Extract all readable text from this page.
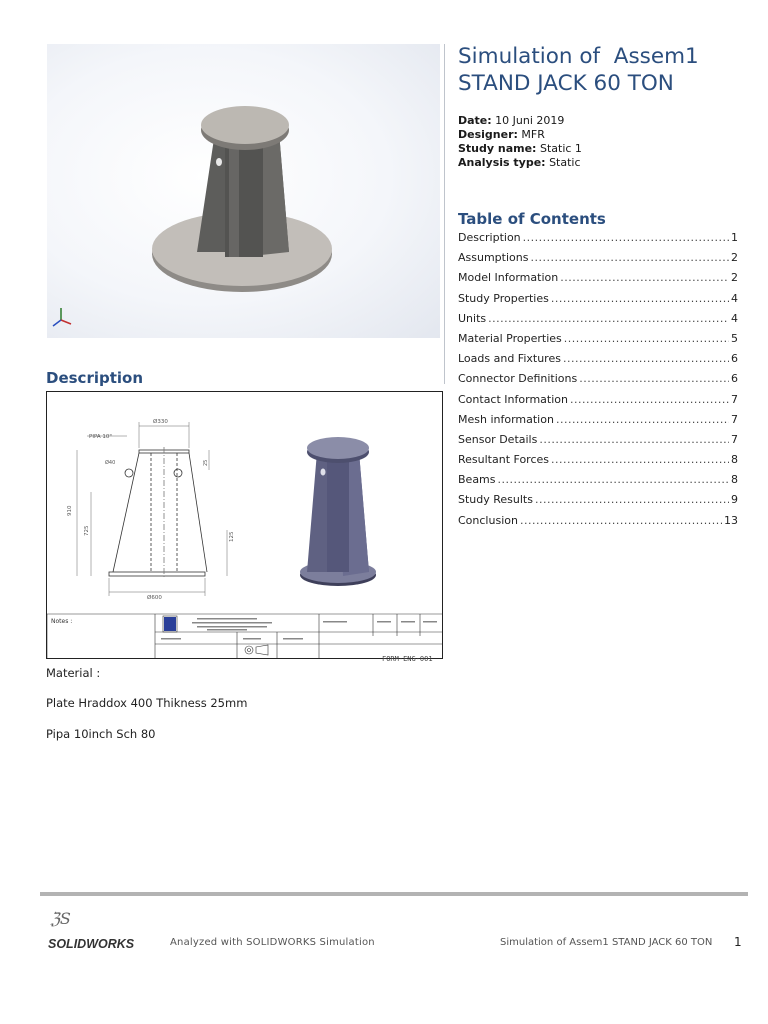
Simulation of  Assem1
STAND JACK 60 TON
Date: 10 Juni 2019
Designer: MFR
Study name: Static 1
Analysis type: Static
Table of Contents
Description .....	1
Assumptions .....	2
Model Information .....	2
Study Properties .....	4
Units .....	4
Material Properties .....	5
Loads and Fixtures .....	6
Connector Definitions .....	6
Contact Information .....	7
Mesh information .....	7
Sensor Details .....	7
Resultant Forces .....	8
Beams .....	8
Study Results .....	9
Conclusion .....	13
Description
PIPA 10"
Ø330
Ø600
Ø40
910
725
125
25
Notes :
FORM-ENG-001
Material :
Plate Hraddox 400 Thikness 25mm
Pipa 10inch Sch 80
ℨS
SOLIDWORKS	Analyzed with SOLIDWORKS Simulation	Simulation of Assem1 STAND JACK 60 TON 1
